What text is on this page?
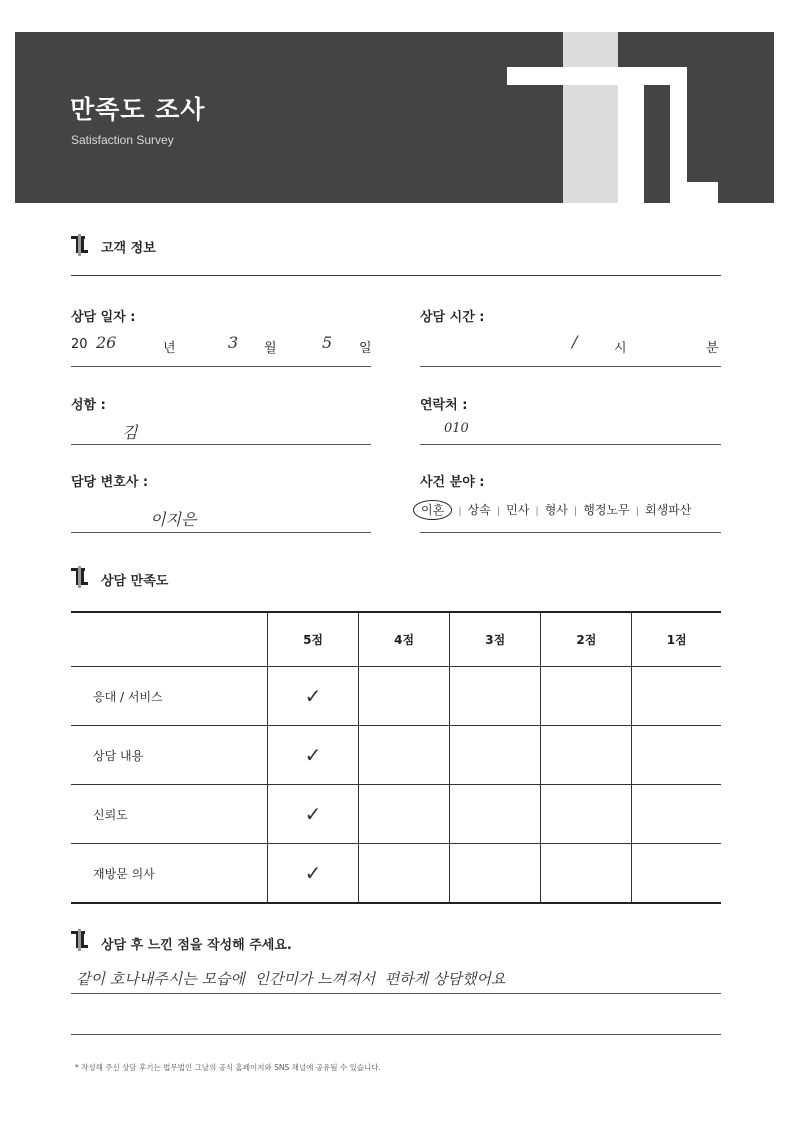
만족도 조사
Satisfaction Survey
고객 정보
상담 일자 :
20 26	년	3 월	5 일
상담 시간 :
/	시	분
성함 :
김
연락처 :
010
담당 변호사 :
이지은
사건 분야 :
이혼 | 상속 | 민사 | 형사 | 행정노무 | 회생파산
상담 만족도
	5점	4점	3점	2점	1점
응대 / 서비스	✓				
상담 내용	✓				
신뢰도	✓				
재방문 의사	✓				
상담 후 느낀 점을 작성해 주세요.
같이 호나내주시는 모습에  인간미가 느껴져서  편하게 상담했어요
* 작성해 주신 상담 후기는 법무법인 그날의 공식 홈페이지와 SNS 채널에 공유될 수 있습니다.
